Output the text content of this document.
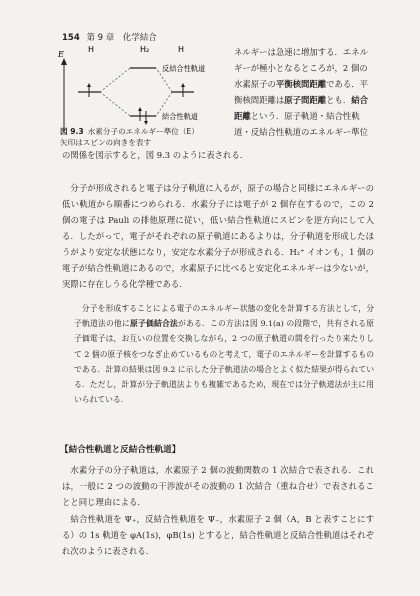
154 第 9 章　化学結合
H	H₂	H
E
反結合性軌道
結合性軌道
図 9.3 水素分子のエネルギー準位（E）
矢印はスピンの向きを表す
ネルギーは急速に増加する．エネル
ギーが極小となるところが，2 個の
水素原子の平衡核間距離である．平
衡核間距離は原子間距離とも．結合
距離という．原子軌道・結合性軌
道・反結合性軌道のエネルギー準位
の関係を図示すると，図 9.3 のように表される．
分子が形成されると電子は分子軌道に入るが，原子の場合と同様にエネルギーの低い軌道から順番につめられる．水素分子には電子が 2 個存在するので，この 2 個の電子は Pauli の排他原理に従い，低い結合性軌道にスピンを逆方向にして入る．したがって，電子がそれぞれの原子軌道にあるよりは，分子軌道を形成したほうがより安定な状態になり，安定な水素分子が形成される．H₂⁺ イオンも，1 個の電子が結合性軌道にあるので，水素原子に比べると安定化エネルギーは少ないが，実際に存在しうる化学種である．
分子を形成することによる電子のエネルギー状態の変化を計算する方法として，分子軌道法の他に原子価結合法がある．この方法は図 9.1(a) の段階で，共有される原子価電子は，お互いの位置を交換しながら，2 つの原子軌道の間を行ったり来たりして 2 個の原子核をつなぎ止めているものと考えて，電子のエネルギーを計算するものである．計算の結果は図 9.2 に示した分子軌道法の場合とよく似た結果が得られている．ただし，計算が分子軌道法よりも複雑であるため，現在では分子軌道法が主に用いられている．
【結合性軌道と反結合性軌道】
水素分子の分子軌道は，水素原子 2 個の波動関数の 1 次結合で表される．これは，一般に 2 つの波動の干渉波がその波動の 1 次結合（重ね合せ）で表されることと同じ理由による．
結合性軌道を Ψ₊，反結合性軌道を Ψ₋，水素原子 2 個（A，B と表すことにする）の 1s 軌道を φA(1s)，φB(1s) とすると，結合性軌道と反結合性軌道はそれぞれ次のように表される．
